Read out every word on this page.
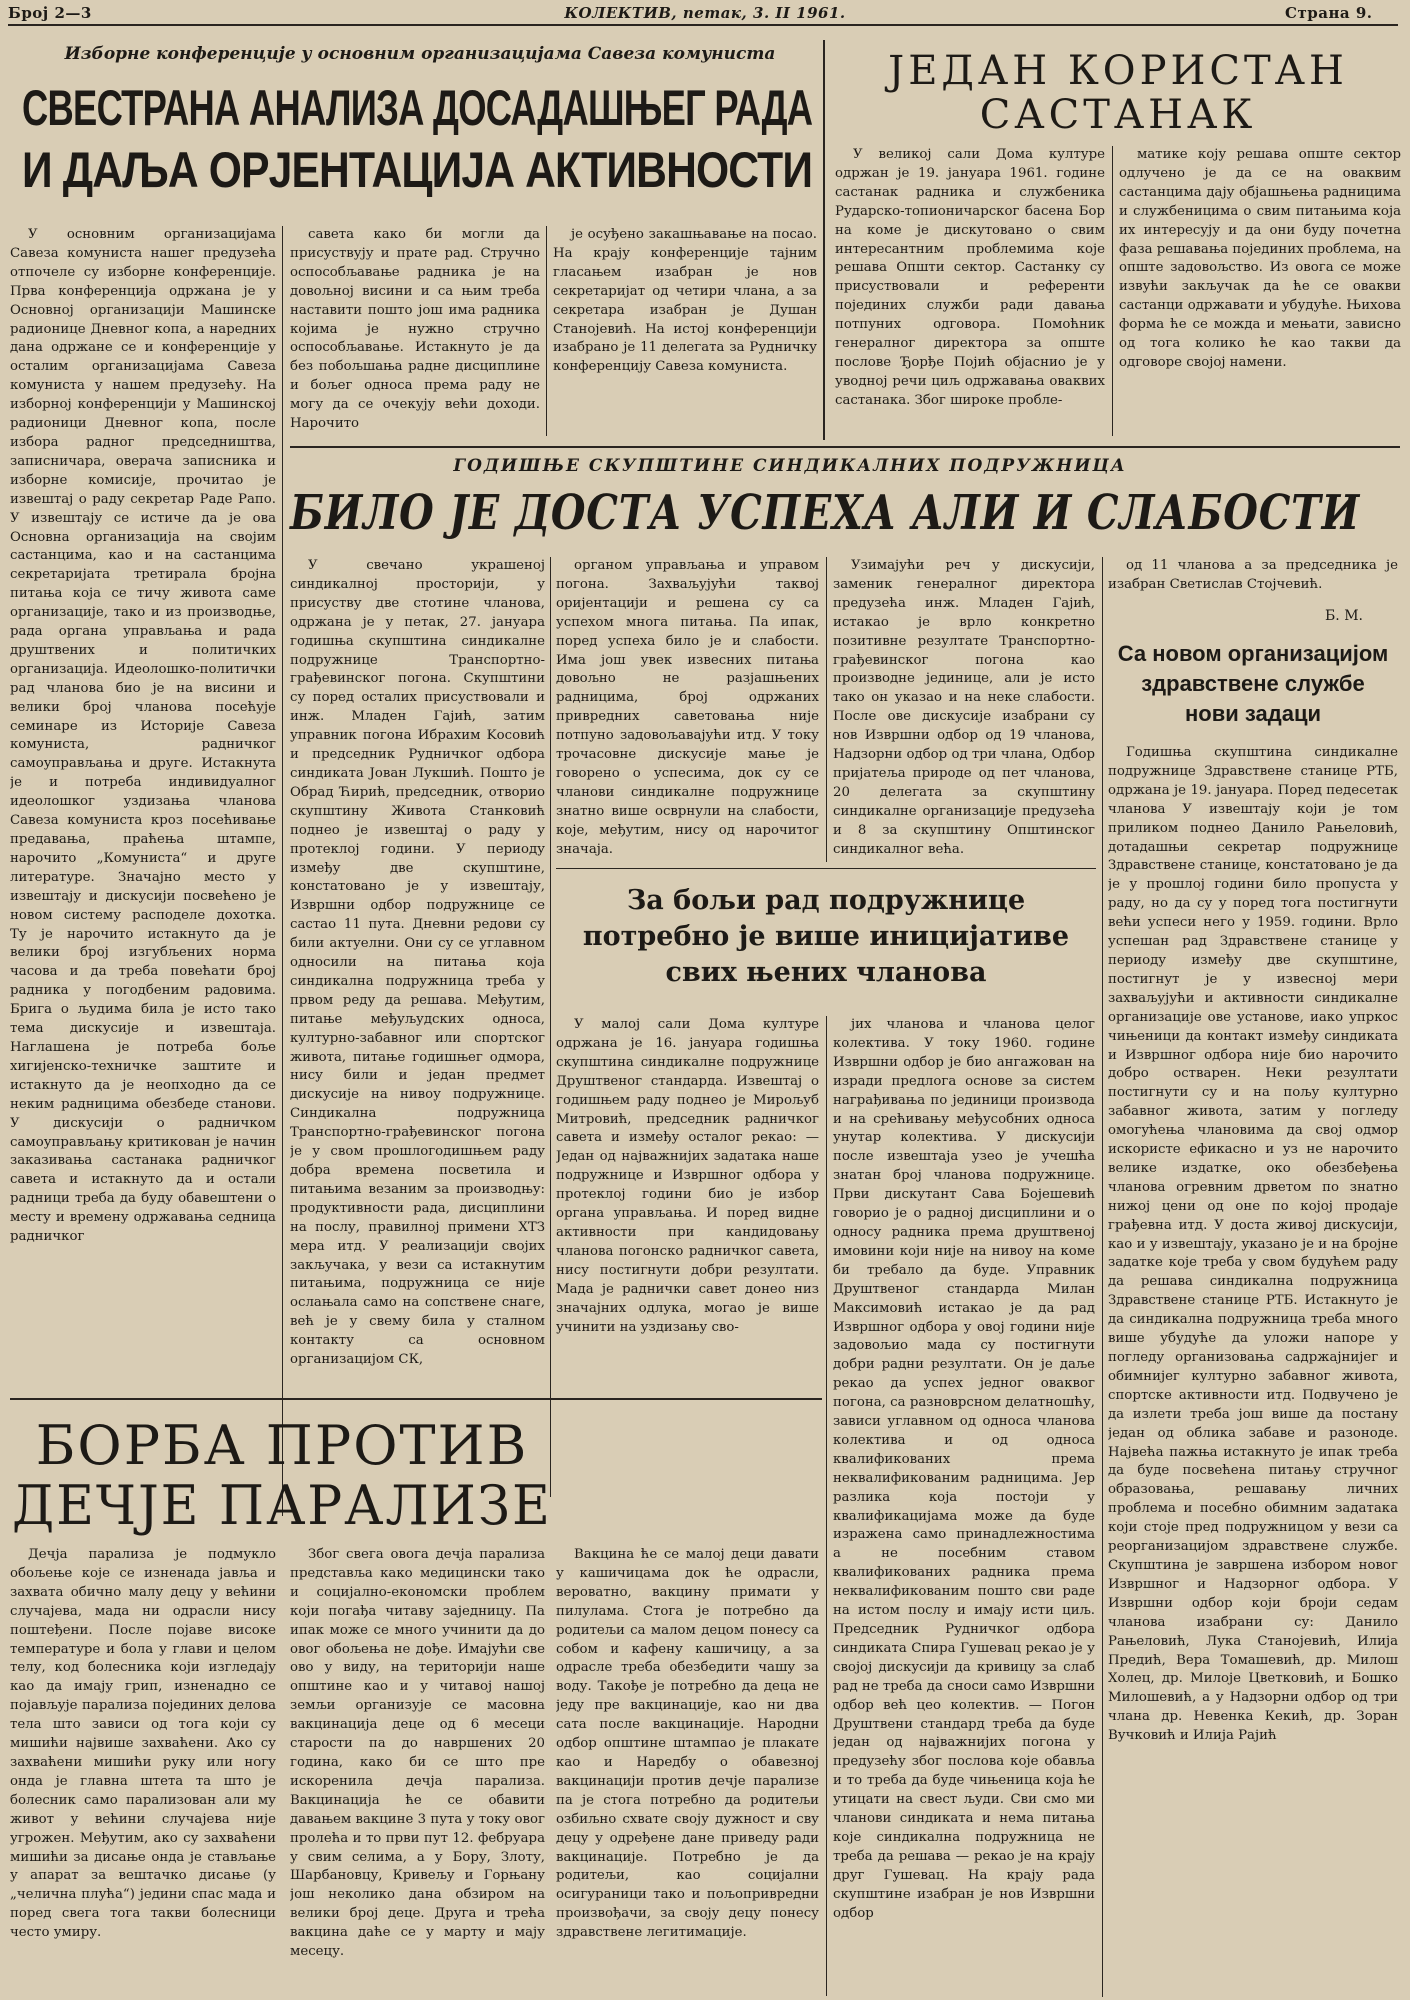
Број 2—3	КОЛЕКТИВ, петак, 3. II 1961.	Страна 9.
Изборне конференције у основним организацијама Савеза комуниста
СВЕСТРАНА АНАЛИЗА ДОСАДАШЊЕГ РАДА
И ДАЉА ОРЈЕНТАЦИЈА АКТИВНОСТИ

У основним организацијама Савеза комуниста нашег предузећа отпочеле су изборне конференције. Прва конференција одржана је у Основној организацији Машинске радионице Дневног копа, а наредних дана одржане се и конференције у осталим организацијама Савеза комуниста у нашем предузећу. На изборној конференцији у Машинској радионици Дневног копа, после избора радног председништва, записничара, оверача записника и изборне комисије, прочитао је извештај о раду секретар Раде Рапо. У извештају се истиче да је ова Основна организација на својим састанцима, као и на састанцима секретаријата третирала бројна питања која се тичу живота саме организације, тако и из производње, рада органа управљања и рада друштвених и политичких организација. Идеолошко-политички рад чланова био је на висини и велики број чланова посећује семинаре из Историје Савеза комуниста, радничког самоуправљања и друге. Истакнута је и потреба индивидуалног идеолошког уздизања чланова Савеза комуниста кроз посећивање предавања, праћења штампе, нарочито „Комуниста“ и друге литературе. Значајно место у извештају и дискусији посвећено је новом систему расподеле дохотка. Ту је нарочито истакнуто да је велики број изгубљених норма часова и да треба повећати број радника у погодбеним радовима. Брига о људима била је исто тако тема дискусије и извештаја. Наглашена је потреба боље хигијенско-техничке заштите и истакнуто да је неопходно да се неким радницима обезбеде станови. У дискусији о радничком самоуправљању критикован је начин заказивања састанака радничког савета и истакнуто да и остали радници треба да буду обавештени о месту и времену одржавања седница радничког

савета како би могли да присуствују и прате рад. Стручно оспособљавање радника је на довољној висини и са њим треба наставити пошто још има радника којима је нужно стручно оспособљавање. Истакнуто је да без побољшања радне дисциплине и бољег односа према раду не могу да се очекују већи доходи. Нарочито

је осуђено закашњавање на посао. На крају конференције тајним гласањем изабран је нов секретаријат од четири члана, а за секретара изабран је Душан Станојевић. На истој конференцији изабрано је 11 делегата за Рудничку конференцију Савеза комуниста.

ЈЕДАН КОРИСТАН
САСТАНАК

У великој сали Дома културе одржан је 19. јануара 1961. године састанак радника и службеника Рударско-топионичарског басена Бор на коме је дискутовано о свим интересантним проблемима које решава Општи сектор. Састанку су присуствовали и референти појединих служби ради давања потпуних одговора. Помоћник генералног директора за опште послове Ђорђе Појић објаснио је у уводној речи циљ одржавања оваквих састанака. Због широке пробле-

матике коју решава опште сектор одлучено је да се на оваквим састанцима дају објашњења радницима и службеницима о свим питањима која их интересују и да они буду почетна фаза решавања појединих проблема, на опште задовољство. Из овога се може извући закључак да ће се овакви састанци одржавати и убудуће. Њихова форма ће се можда и мењати, зависно од тога колико ће као такви да одговоре својој намени.

ГОДИШЊЕ СКУПШТИНЕ СИНДИКАЛНИХ ПОДРУЖНИЦА
БИЛО ЈЕ ДОСТА УСПЕХА АЛИ И СЛАБОСТИ

У свечано украшеној синдикалној просторији, у присуству две стотине чланова, одржана је у петак, 27. јануара годишња скупштина синдикалне подружнице Транспортно-грађевинског погона. Скупштини су поред осталих присуствовали и инж. Младен Гајић, затим управник погона Ибрахим Kосовић и председник Рудничког одбора синдиката Јован Лукшић. Пошто је Обрад Ћирић, председник, отворио скупштину Живота Станковић поднео је извештај о раду у протеклој години. У периоду између две скупштине, констатовано је у извештају, Извршни одбор подружнице се састао 11 пута. Дневни редови су били актуелни. Они су се углавном односили на питања која синдикална подружница треба у првом реду да решава. Међутим, питање међуљудских односа, културно-забавног или спортског живота, питање годишњег одмора, нису били и један предмет дискусије на нивоу подружнице. Синдикална подружница Транспортно-грађевинског погона је у свом прошлогодишњем раду добра времена посветила и питањима везаним за производњу: продуктивности рада, дисциплини на послу, правилној примени ХТЗ мера итд. У реализацији својих закључака, у вези са истакнутим питањима, подружница се није ослањала само на сопствене снаге, већ је у свему била у сталном контакту са основном организацијом СК,

органом управљања и управом погона. Захваљујући таквој оријентацији и решена су са успехом многа питања. Па ипак, поред успеха било је и слабости. Има још увек извесних питања довољно не разјашњених радницима, број одржаних привредних саветовања није потпуно задовољавајући итд. У току трочасовне дискусије мање је говорено о успесима, док су се чланови синдикалне подружнице знатно више осврнули на слабости, које, међутим, нису од нарочитог значаја.

Узимајући реч у дискусији, заменик генералног директора предузећа инж. Младен Гајић, истакао је врло конкретно позитивне резултате Транспортно-грађевинског погона као производне јединице, али је исто тако он указао и на неке слабости. После ове дискусије изабрани су нов Извршни одбор од 19 чланова, Надзорни одбор од три члана, Одбор пријатеља природе од пет чланова, 20 делегата за скупштину синдикалне организације предузећа и 8 за скупштину Општинског синдикалног већа.

од 11 чланова а за председника је изабран Светислав Стојчевић.

Б. М.
За бољи рад подружнице
потребно је више иницијативе
свих њених чланова

У малој сали Дома културе одржана је 16. јануара годишња скупштина синдикалне подружнице Друштвеног стандарда. Извештај о годишњем раду поднео је Мирољуб Митровић, председник радничког савета и између осталог рекао: — Један од најважнијих задатака наше подружнице и Извршног одбора у протеклој години био је избор органа управљања. И поред видне активности при кандидовању чланова погонско радничког савета, нису постигнути добри резултати. Мада је раднички савет донео низ значајних одлука, могао је више учинити на уздизању сво-

јих чланова и чланова целог колектива. У току 1960. године Извршни одбор је био ангажован на изради предлога основе за систем награђивања по јединици производа и на срећивању међусобних односа унутар колектива. У дискусији после извештаја узео је учешћа знатан број чланова подружнице. Први дискутант Сава Бојешевић говорио је о радној дисциплини и о односу радника према друштвеној имовини који није на нивоу на коме би требало да буде. Управник Друштвеног стандарда Милан Максимовић истакао је да рад Извршног одбора у овој години није задовољио мада су постигнути добри радни резултати. Он је даље рекао да успех једног оваквог погона, са разноврсном делатношћу, зависи углавном од односа чланова колектива и од односа квалификованих према неквалификованим радницима. Јер разлика која постоји у квалификацијама може да буде изражена само принадлежностима а не посебним ставом квалификованих радника према неквалификованим пошто сви раде на истом послу и имају исти циљ. Председник Рудничког одбора синдиката Спира Гушевац рекао је у својој дискусији да кривицу за слаб рад не треба да сноси само Извршни одбор већ цео колектив. — Погон Друштвени стандард треба да буде један од најважнијих погона у предузећу због послова које обавља и то треба да буде чињеница која ће утицати на свест људи. Сви смо ми чланови синдиката и нема питања које синдикална подружница не треба да решава — рекао је на крају друг Гушевац. На крају рада скупштине изабран је нов Извршни одбор

Са новом организацијом
здравствене службе
нови задаци

Годишња скупштина синдикалне подружнице Здравствене станице РТБ, одржана је 19. јануара. Поред педесетак чланова У извештају који је том приликом поднео Данило Рањеловић, дотадашњи секретар подружнице Здравствене станице, констатовано је да је у прошлој години било пропуста у раду, но да су у поред тога постигнути већи успеси него у 1959. години. Врло успешан рад Здравствене станице у периоду између две скупштине, постигнут је у извесној мери захваљујући и активности синдикалне организације ове установе, иако упркос чињеници да контакт између синдиката и Извршног одбора није био нарочито добро остварен. Неки резултати постигнути су и на пољу културно забавног живота, затим у погледу омогућења члановима да свој одмор искористе ефикасно и уз не нарочито велике издатке, око обезбеђења чланова огревним дрветом по знатно нижој цени од оне по којој продаје грађевна итд. У доста живој дискусији, као и у извештају, указано је и на бројне задатке које треба у свом будућем раду да решава синдикална подружница Здравствене станице РТБ. Истакнуто је да синдикална подружница треба много више убудуће да уложи напоре у погледу организовања садржајнијег и обимнијег културно забавног живота, спортске активности итд. Подвучено је да излети треба још више да постану један од облика забаве и разоноде. Највећа пажња истакнуто је ипак треба да буде посвећена питању стручног образовања, решавању личних проблема и посебно обимним задатака који стоје пред подружницом у вези са реорганизацијом здравствене службе. Скупштина је завршена избором новог Извршног и Надзорног одбора. У Извршни одбор који броји седам чланова изабрани су: Данило Рањеловић, Лука Станојевић, Илија Предић, Вера Томашевић, др. Милош Холец, др. Милоје Цветковић, и Бошко Милошевић, а у Надзорни одбор од три члана др. Невенка Кекић, др. Зоран Вучковић и Илија Рајић

БОРБА ПРОТИВ
ДЕЧЈЕ ПАРАЛИЗЕ

Дечја парализа је подмукло обољење које се изненада јавља и захвата обично малу децу у већини случајева, мада ни одрасли нису поштеђени. После појаве високе температуре и бола у глави и целом телу, код болесника који изгледају као да имају грип, изненадно се појављује парализа појединих делова тела што зависи од тога који су мишићи највише захваћени. Ако су захваћени мишићи руку или ногу онда је главна штета та што је болесник само парализован али му живот у већини случајева није угрожен. Међутим, ако су захваћени мишићи за дисање онда је стављање у апарат за вештачко дисање (у „челична плућа“) једини спас мада и поред свега тога такви болесници често умиру.

Због свега овога дечја парализа представља како медицински тако и социјално-економски проблем који погађа читаву заједницу. Па ипак може се много учинити да до овог обољења не дође. Имајући све ово у виду, на територији наше општине као и у читавој нашој земљи организује се масовна вакцинација деце од 6 месеци старости па до навршених 20 година, како би се што пре искоренила дечја парализа. Вакцинација ће се обавити давањем вакцине 3 пута у току овог пролећа и то први пут 12. фебруара у свим селима, а у Бору, Злоту, Шарбановцу, Кривељу и Горњану још неколико дана обзиром на велики број деце. Друга и трећа вакцина даће се у марту и мају месецу.

Вакцина ће се малој деци давати у кашичицама док ће одрасли, вероватно, вакцину примати у пилулама. Стога је потребно да родитељи са малом децом понесу са собом и кафену кашичицу, а за одрасле треба обезбедити чашу за воду. Такође је потребно да деца не једу пре вакцинације, као ни два сата после вакцинације. Народни одбор општине штампао је плакате као и Наредбу о обавезној вакцинацији против дечје парализе па је стога потребно да родитељи озбиљно схвате своју дужност и сву децу у одређене дане приведу ради вакцинације. Потребно је да родитељи, као социјални осигураници тако и пољопривредни произвођачи, за своју децу понесу здравствене легитимације.
